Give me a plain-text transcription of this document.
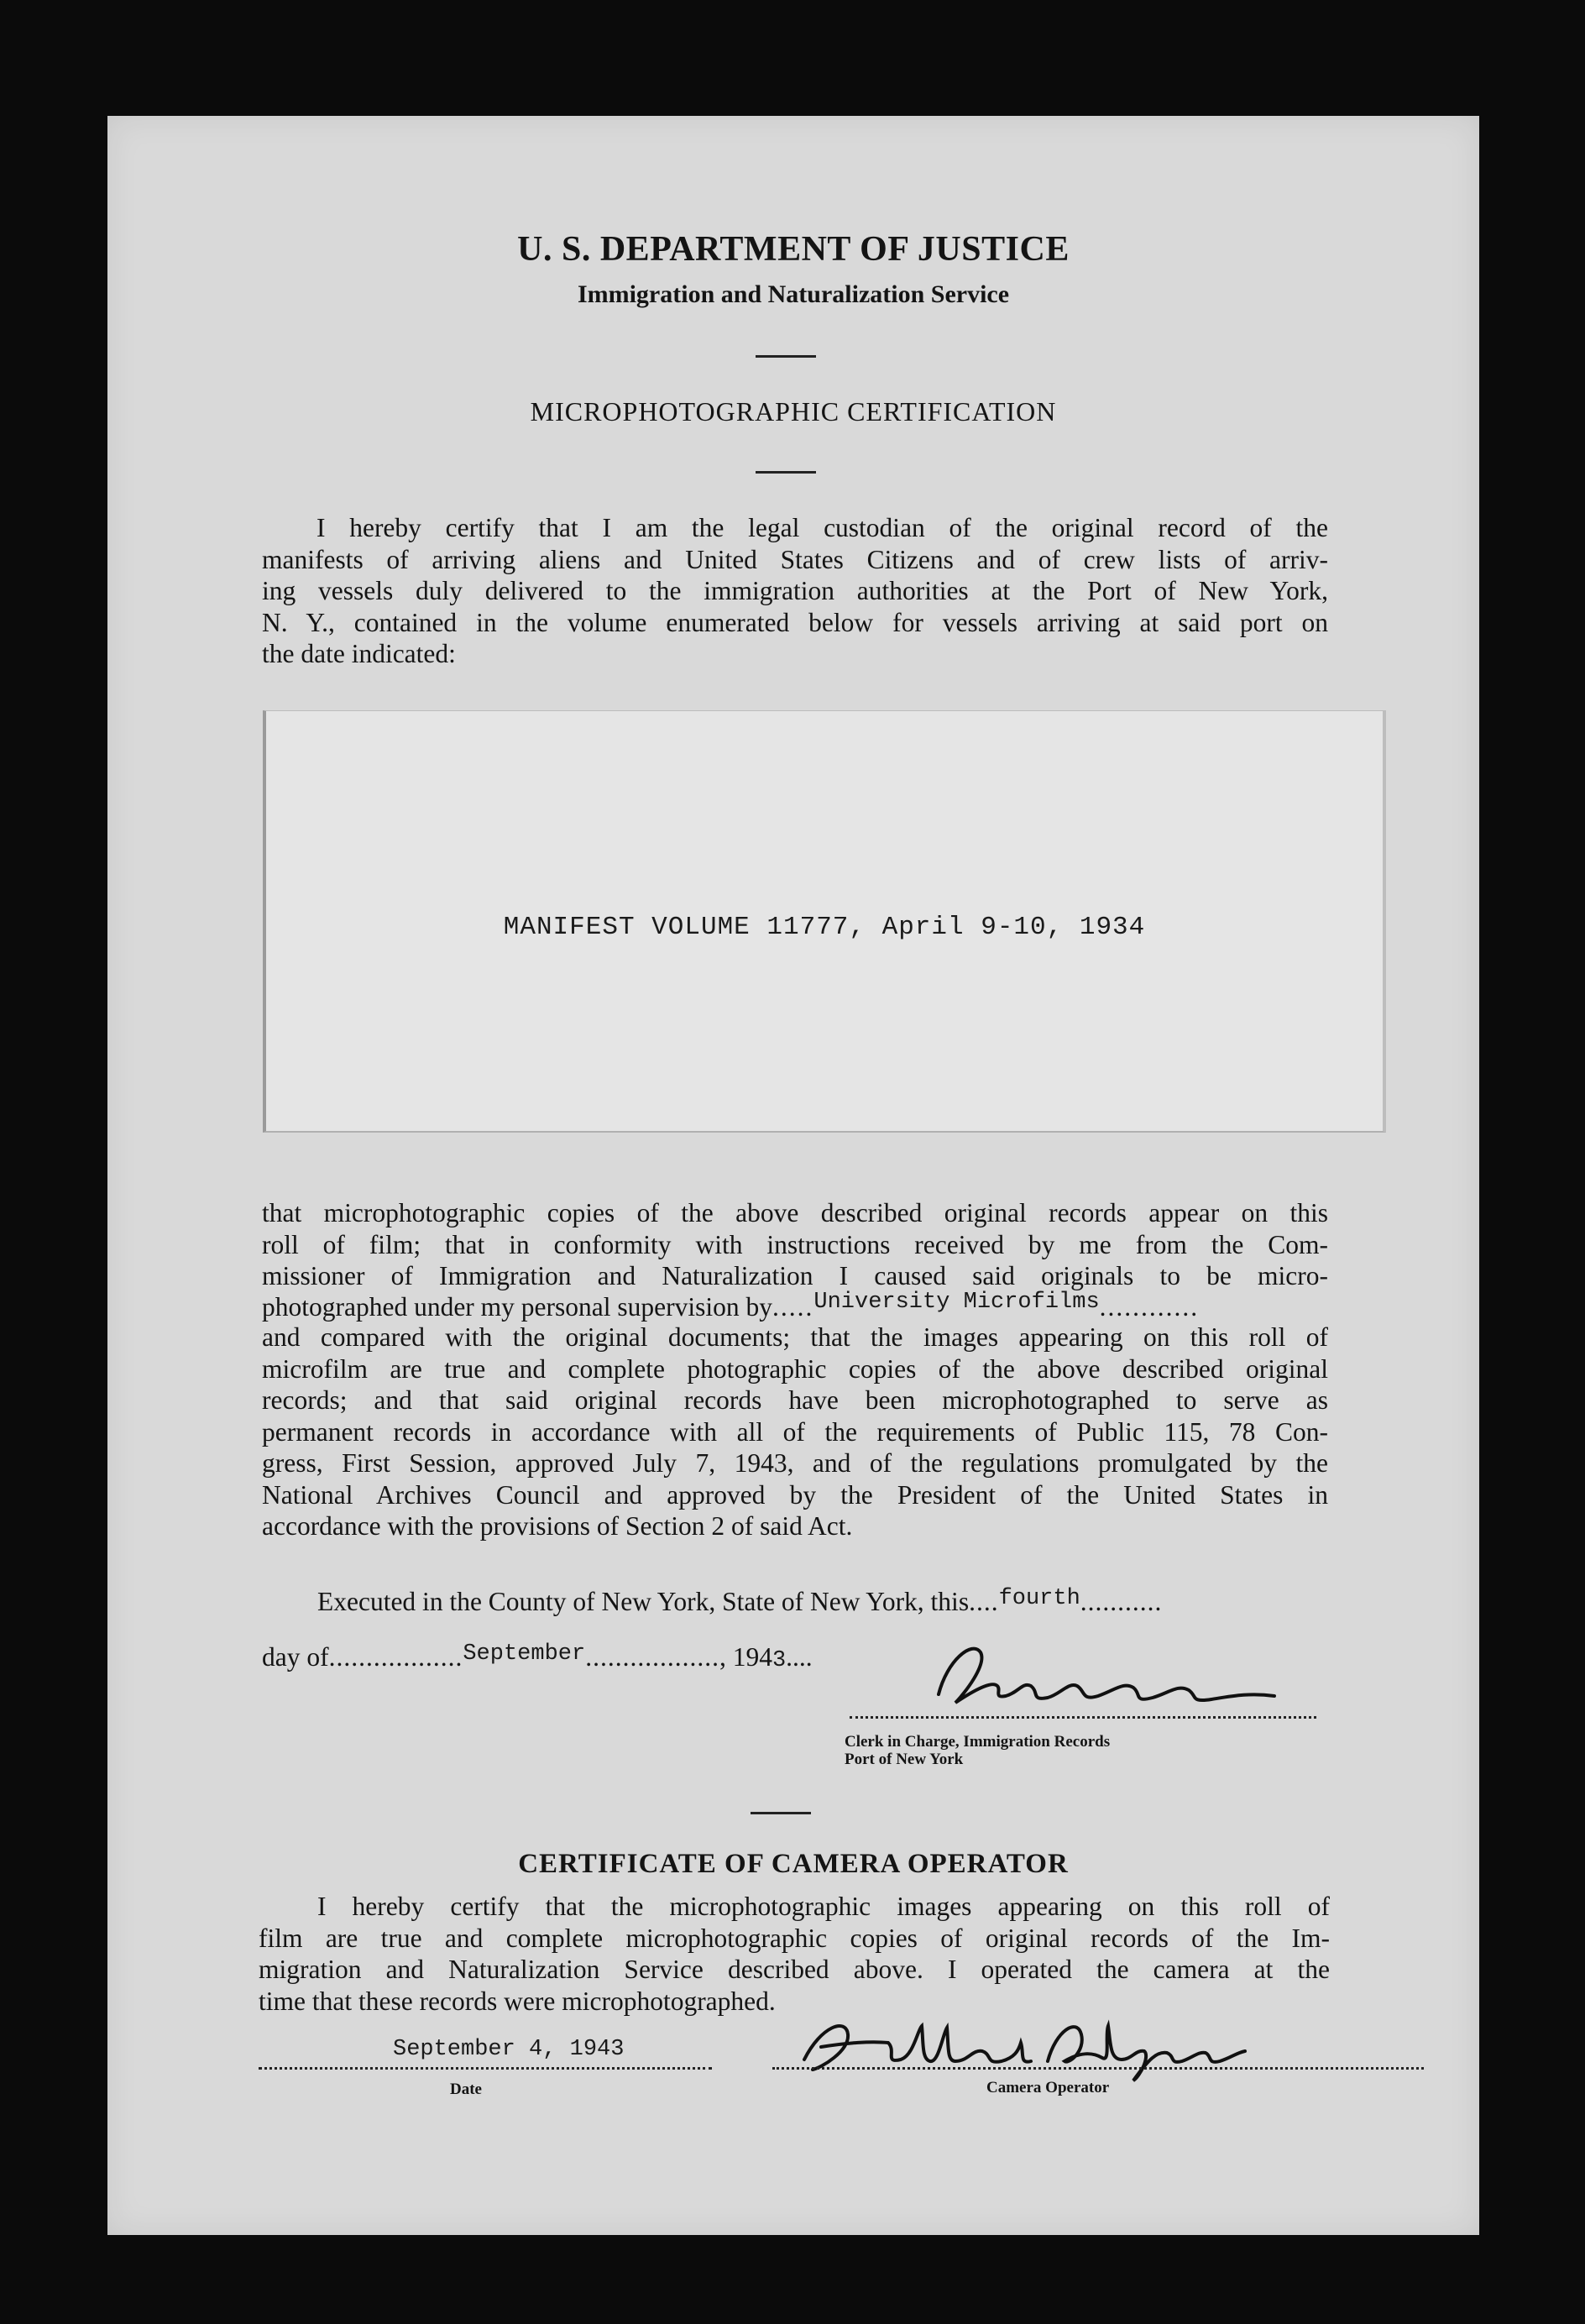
U. S. DEPARTMENT OF JUSTICE
Immigration and Naturalization Service
MICROPHOTOGRAPHIC CERTIFICATION
I hereby certify that I am the legal custodian of the original record of the
manifests of arriving aliens and United States Citizens and of crew lists of arriv-
ing vessels duly delivered to the immigration authorities at the Port of New York,
N. Y., contained in the volume enumerated below for vessels arriving at said port on
the date indicated:
MANIFEST VOLUME 11777, April 9-10, 1934
that microphotographic copies of the above described original records appear on this
roll of film; that in conformity with instructions received by me from the Com-
missioner of Immigration and Naturalization I caused said originals to be micro-
photographed under my personal supervision by.....University Microfilms............
and compared with the original documents; that the images appearing on this roll of
microfilm are true and complete photographic copies of the above described original
records; and that said original records have been microphotographed to serve as
permanent records in accordance with all of the requirements of Public 115, 78 Con-
gress, First Session, approved July 7, 1943, and of the regulations promulgated by the
National Archives Council and approved by the President of the United States in
accordance with the provisions of Section 2 of said Act.
Executed in the County of New York, State of New York, this....fourth...........
day of..................September.................., 1943....
Clerk in Charge, Immigration Records
Port of New York
CERTIFICATE OF CAMERA OPERATOR
I hereby certify that the microphotographic images appearing on this roll of
film are true and complete microphotographic copies of original records of the Im-
migration and Naturalization Service described above. I operated the camera at the
time that these records were microphotographed.
September 4, 1943
Date	Camera Operator
